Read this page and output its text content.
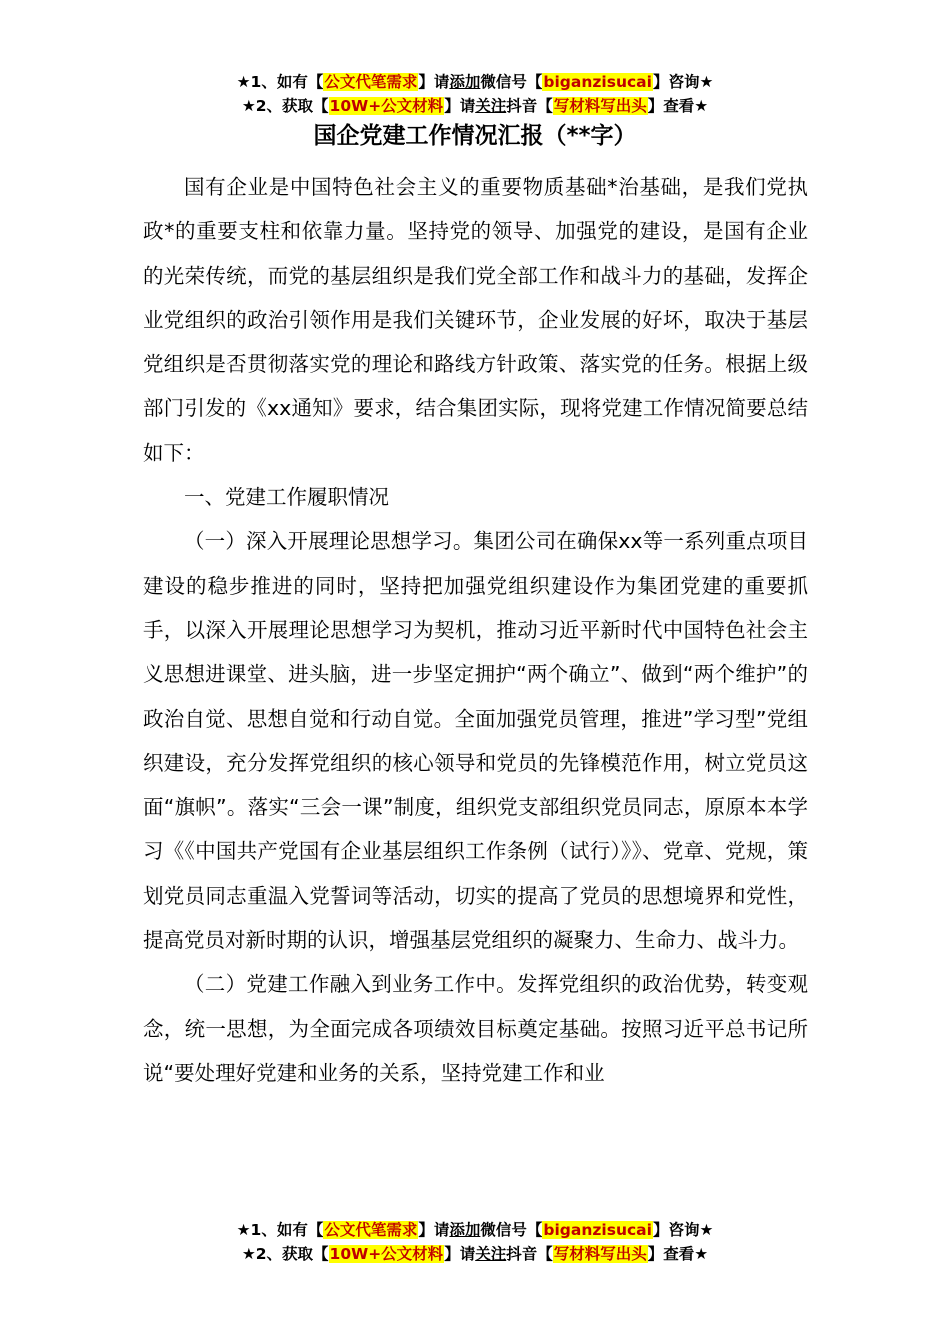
★1、如有【公文代笔需求】请添加微信号【biganzisucai】咨询★
★2、获取【10W+公文材料】请关注抖音【写材料写出头】查看★
国企党建工作情况汇报（**字）

国有企业是中国特色社会主义的重要物质基础*治基础，是我们党执政*的重要支柱和依靠力量。坚持党的领导、加强党的建设，是国有企业的光荣传统，而党的基层组织是我们党全部工作和战斗力的基础，发挥企业党组织的政治引领作用是我们关键环节，企业发展的好坏，取决于基层党组织是否贯彻落实党的理论和路线方针政策、落实党的任务。根据上级部门引发的《xx通知》要求，结合集团实际，现将党建工作情况简要总结如下：

一、党建工作履职情况

（一）深入开展理论思想学习。集团公司在确保xx等一系列重点项目建设的稳步推进的同时，坚持把加强党组织建设作为集团党建的重要抓手，以深入开展理论思想学习为契机，推动习近平新时代中国特色社会主义思想进课堂、进头脑，进一步坚定拥护“两个确立”、做到“两个维护”的政治自觉、思想自觉和行动自觉。全面加强党员管理，推进”学习型”党组织建设，充分发挥党组织的核心领导和党员的先锋模范作用，树立党员这面“旗帜”。落实“三会一课”制度，组织党支部组织党员同志，原原本本学习《《中国共产党国有企业基层组织工作条例（试行）》》、党章、党规，策划党员同志重温入党誓词等活动，切实的提高了党员的思想境界和党性，提高党员对新时期的认识，增强基层党组织的凝聚力、生命力、战斗力。

（二）党建工作融入到业务工作中。发挥党组织的政治优势，转变观念，统一思想，为全面完成各项绩效目标奠定基础。按照习近平总书记所说“要处理好党建和业务的关系，坚持党建工作和业

★1、如有【公文代笔需求】请添加微信号【biganzisucai】咨询★
★2、获取【10W+公文材料】请关注抖音【写材料写出头】查看★
